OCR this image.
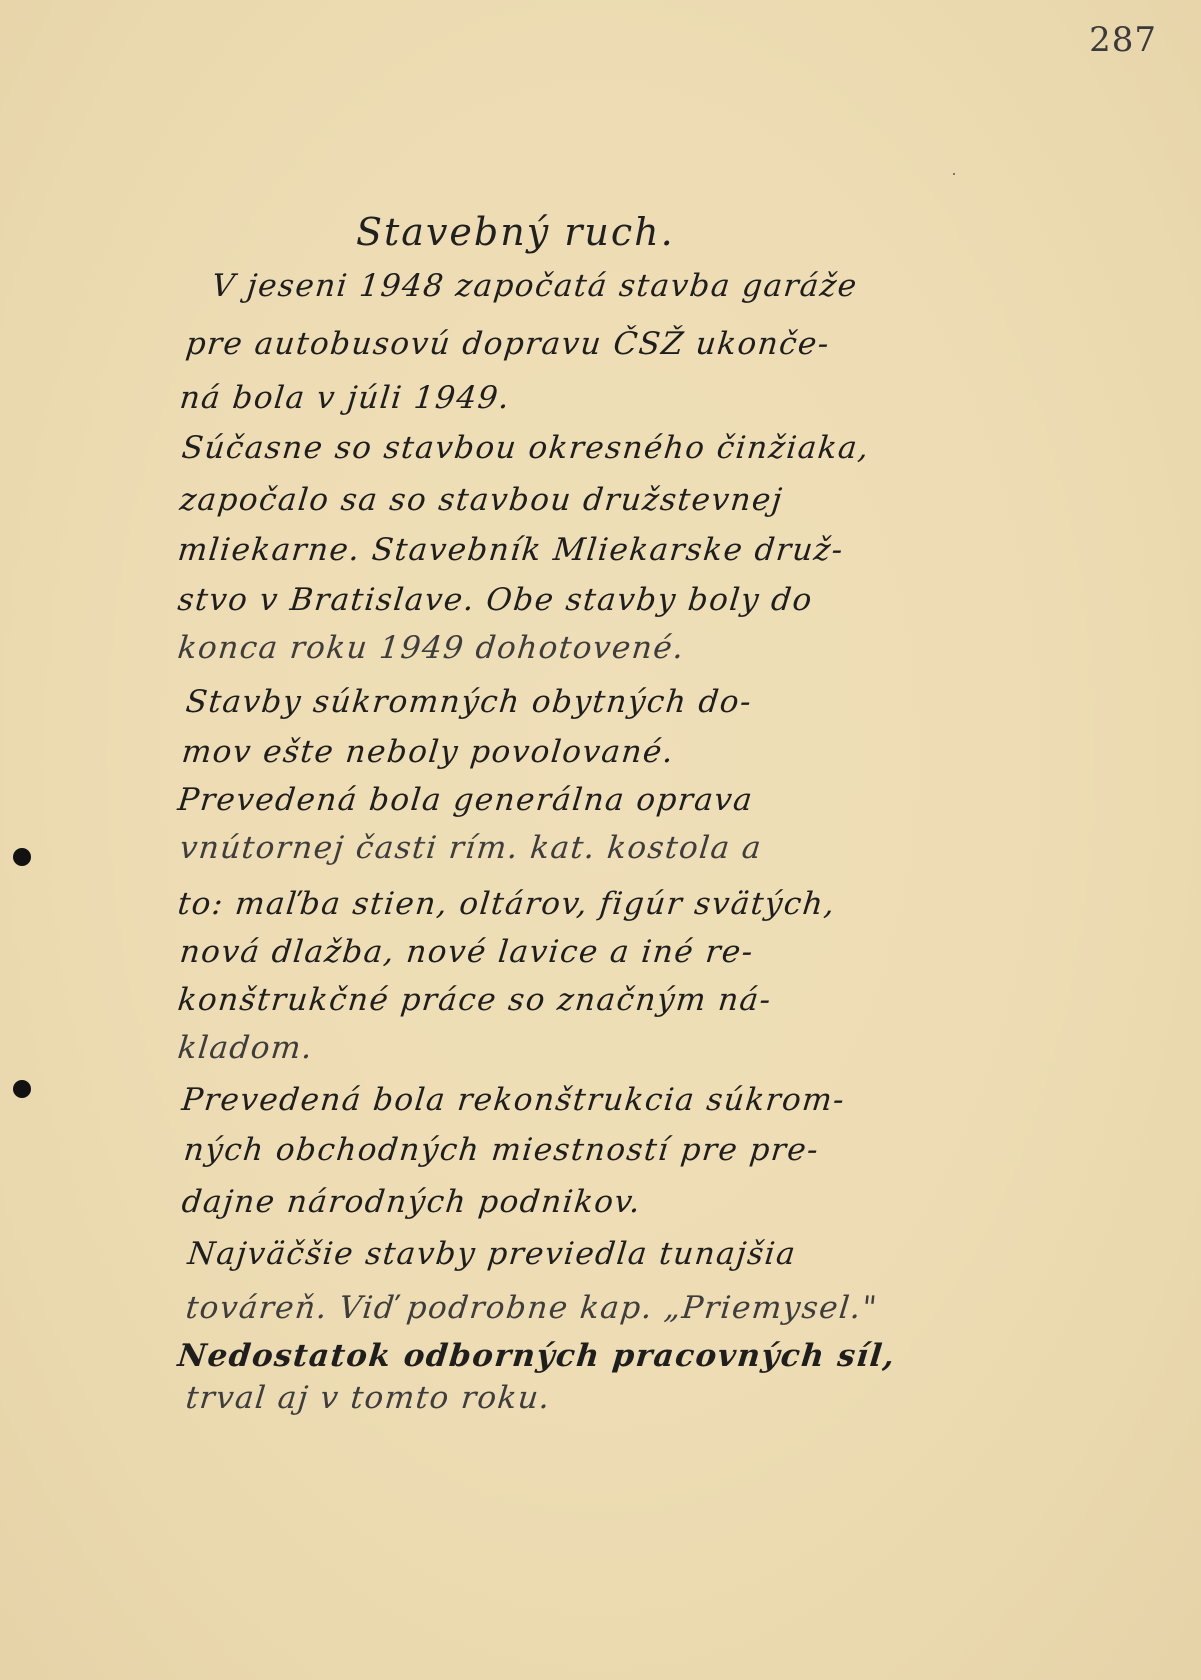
287
Stavebný ruch.
V jeseni 1948 započatá stavba garáže
pre autobusovú dopravu ČSŽ ukonče-
ná bola v júli 1949.
Súčasne so stavbou okresného činžiaka,
započalo sa so stavbou družstevnej
mliekarne. Stavebník Mliekarske druž-
stvo v Bratislave. Obe stavby boly do
konca roku 1949 dohotovené.
Stavby súkromných obytných do-
mov ešte neboly povolované.
Prevedená bola generálna oprava
vnútornej časti rím. kat. kostola a
to: maľba stien, oltárov, figúr svätých,
nová dlažba, nové lavice a iné re-
konštrukčné práce so značným ná-
kladom.
Prevedená bola rekonštrukcia súkrom-
ných obchodných miestností pre pre-
dajne národných podnikov.
Najväčšie stavby previedla tunajšia
továreň. Viď podrobne kap. „Priemysel."
Nedostatok odborných pracovných síl,
trval aj v tomto roku.
